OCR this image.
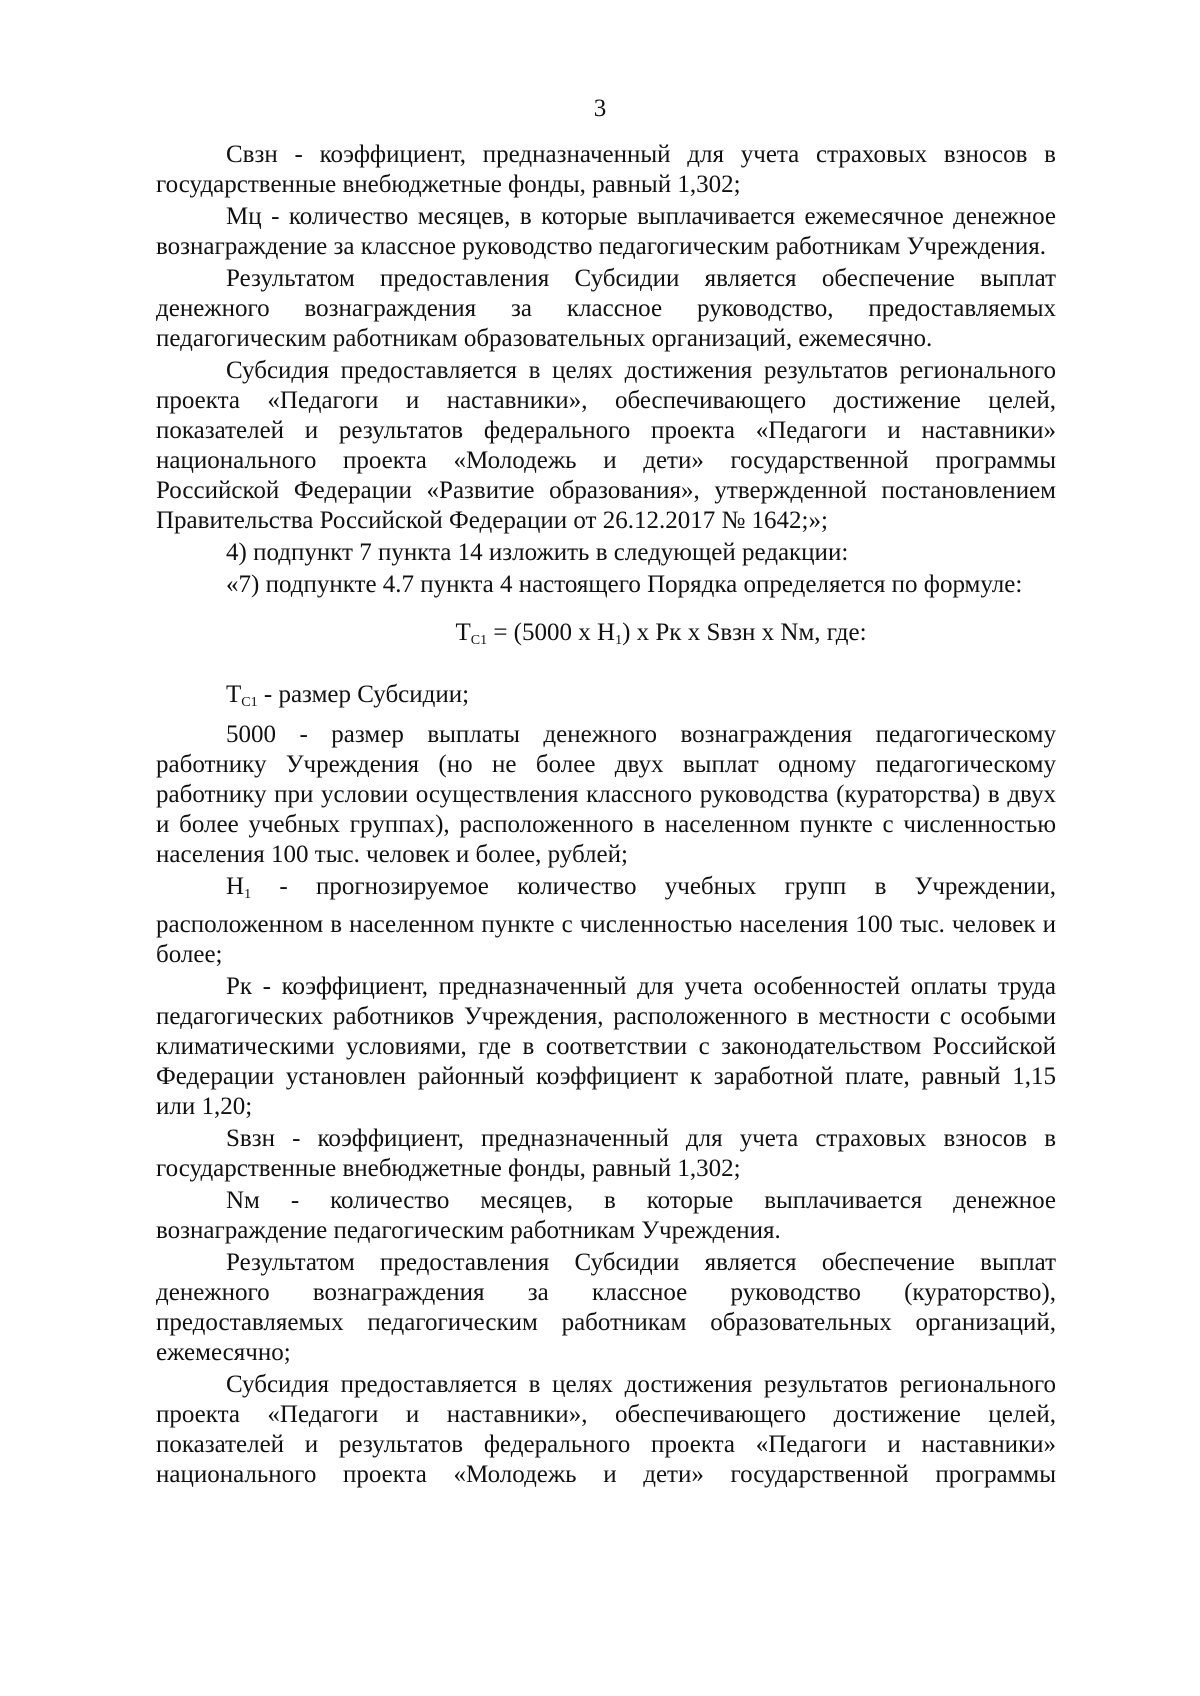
3

Свзн - коэффициент, предназначенный для учета страховых взносов в государственные внебюджетные фонды, равный 1,302;

Мц - количество месяцев, в которые выплачивается ежемесячное денежное вознаграждение за классное руководство педагогическим работникам Учреждения.

Результатом предоставления Субсидии является обеспечение выплат денежного вознаграждения за классное руководство, предоставляемых педагогическим работникам образовательных организаций, ежемесячно.

Субсидия предоставляется в целях достижения результатов регионального проекта «Педагоги и наставники», обеспечивающего достижение целей, показателей и результатов федерального проекта «Педагоги и наставники» национального проекта «Молодежь и дети» государственной программы Российской Федерации «Развитие образования», утвержденной постановлением Правительства Российской Федерации от 26.12.2017 № 1642;»;

4) подпункт 7 пункта 14 изложить в следующей редакции:

«7) подпункте 4.7 пункта 4 настоящего Порядка определяется по формуле:

$Т_{С1} = (5000$ х $Н_1$) х Рк х Sвзн х Nм, где:

$Т_{С1}$ - размер Субсидии;

5000 - размер выплаты денежного вознаграждения педагогическому работнику Учреждения (но не более двух выплат одному педагогическому работнику при условии осуществления классного руководства (кураторства) в двух и более учебных группах), расположенного в населенном пункте с численностью населения 100 тыс. человек и более, рублей;

$Н_1$ - прогнозируемое количество учебных групп в Учреждении, расположенном в населенном пункте с численностью населения 100 тыс. человек и более;

Рк - коэффициент, предназначенный для учета особенностей оплаты труда педагогических работников Учреждения, расположенного в местности с особыми климатическими условиями, где в соответствии с законодательством Российской Федерации установлен районный коэффициент к заработной плате, равный 1,15 или 1,20;

Sвзн - коэффициент, предназначенный для учета страховых взносов в государственные внебюджетные фонды, равный 1,302;

Nм - количество месяцев, в которые выплачивается денежное вознаграждение педагогическим работникам Учреждения.

Результатом предоставления Субсидии является обеспечение выплат денежного вознаграждения за классное руководство (кураторство), предоставляемых педагогическим работникам образовательных организаций, ежемесячно;

Субсидия предоставляется в целях достижения результатов регионального проекта «Педагоги и наставники», обеспечивающего достижение целей, показателей и результатов федерального проекта «Педагоги и наставники» национального проекта «Молодежь и дети» государственной программы
